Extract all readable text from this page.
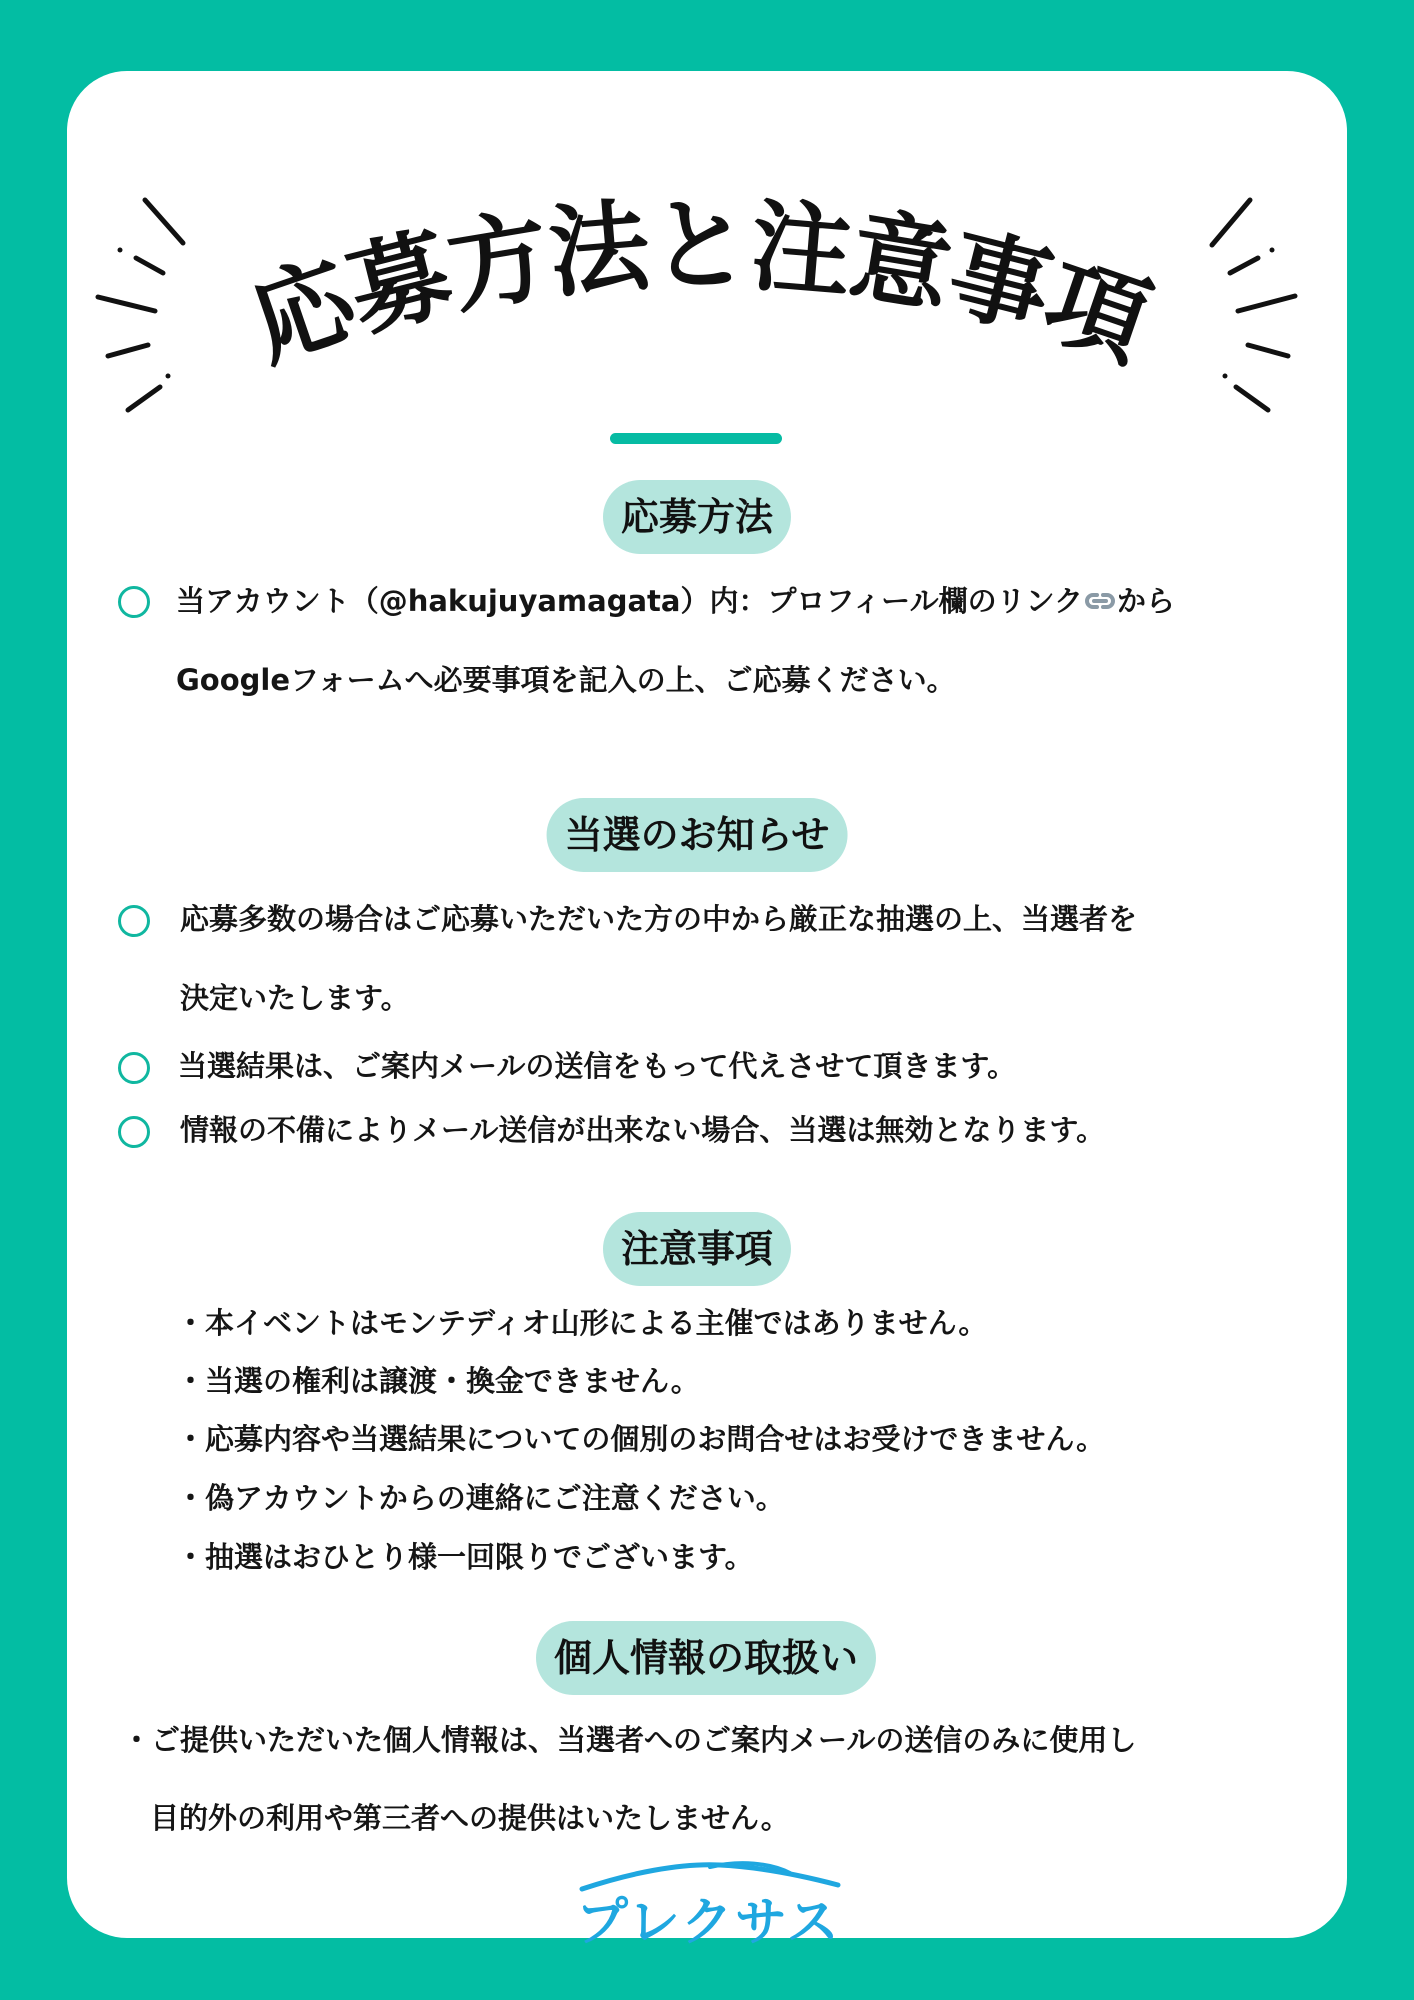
応
募
方
法
と
注
意
事
項
応募方法
当アカウント（@hakujuyamagata）内：プロフィール欄のリンク から
Googleフォームへ必要事項を記入の上、ご応募ください。
当選のお知らせ
応募多数の場合はご応募いただいた方の中から厳正な抽選の上、当選者を
決定いたします。
当選結果は、ご案内メールの送信をもって代えさせて頂きます。
情報の不備によりメール送信が出来ない場合、当選は無効となります。
注意事項
・本イベントはモンテディオ山形による主催ではありません。
・当選の権利は譲渡・換金できません。
・応募内容や当選結果についての個別のお問合せはお受けできません。
・偽アカウントからの連絡にご注意ください。
・抽選はおひとり様一回限りでございます。
個人情報の取扱い
・ご提供いただいた個人情報は、当選者へのご案内メールの送信のみに使用し
目的外の利用や第三者への提供はいたしません。
プレクサス
